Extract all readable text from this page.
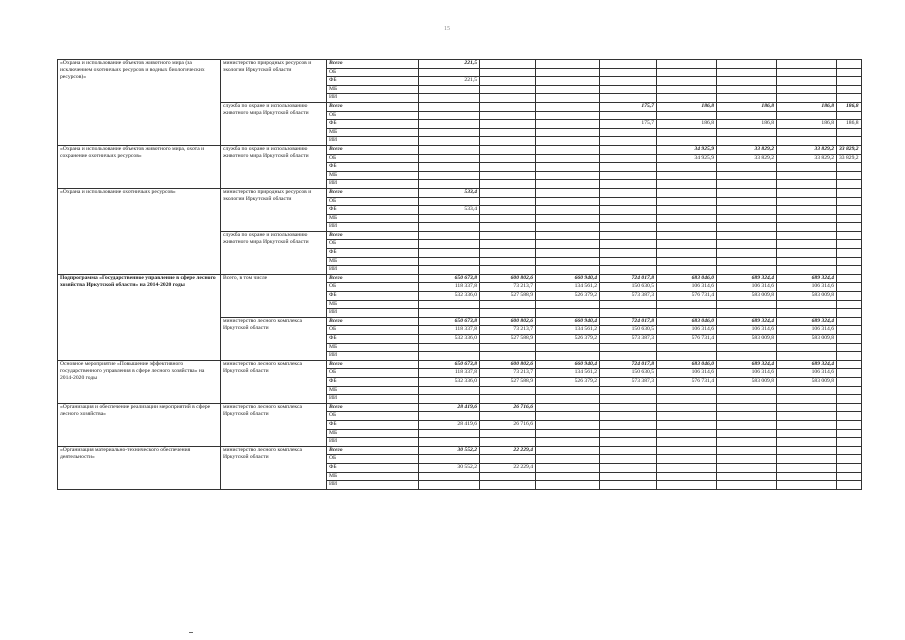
15
«Охрана и использование объектов животного мира (за исключением охотничьих ресурсов и водных биологических ресурсов)»	министерство природных ресурсов и экологии Иркутской области	Всего	221,5							
		ОБ								
		ФБ	221,5							
		МБ								
		ИИ								
	служба по охране и использованию животного мира Иркутской области	Всего				175,7	186,8	186,8	186,8	186,8
		ОБ								
		ФБ				175,7	186,8	186,8	186,8	186,8
		МБ								
		ИИ								
«Охрана и использование объектов животного мира, охота и сохранение охотничьих ресурсов»	служба по охране и использованию животного мира Иркутской области	Всего					34 925,9	33 829,2	33 829,2	33 829,2
		ОБ					34 925,9	33 829,2	33 829,2	33 829,2
		ФБ								
		МБ								
		ИИ								
«Охрана и использование охотничьих ресурсов»	министерство природных ресурсов и экологии Иркутской области	Всего	533,4							
		ОБ								
		ФБ	533,4							
		МБ								
		ИИ								
	служба по охране и использованию животного мира Иркутской области	Всего								
		ОБ								
		ФБ								
		МБ								
		ИИ								
Подпрограмма «Государственное управление в сфере лесного хозяйства Иркутской области» на 2014-2020 годы	Всего, в том числе	Всего	650 673,8	600 802,6	660 940,4	724 017,8	683 046,0	689 324,4	689 324,4	
		ОБ	118 337,8	73 213,7	134 561,2	150 630,5	106 314,6	106 314,6	106 314,6	
		ФБ	532 336,0	527 588,9	526 379,2	573 387,3	576 731,4	583 009,8	583 009,8	
		МБ								
		ИИ								
	министерство лесного комплекса Иркутской области	Всего	650 673,8	600 802,6	660 940,4	724 017,8	683 046,0	689 324,4	689 324,4	
		ОБ	118 337,8	73 213,7	134 561,2	150 630,5	106 314,6	106 314,6	106 314,6	
		ФБ	532 336,0	527 588,9	526 379,2	573 387,3	576 731,4	583 009,8	583 009,8	
		МБ								
		ИИ								
Основное мероприятие «Повышение эффективного государственного управления в сфере лесного хозяйства» на 2014-2020 годы	министерство лесного комплекса Иркутской области	Всего	650 673,8	600 802,6	660 940,4	724 017,8	683 046,0	689 324,4	689 324,4	
		ОБ	118 337,8	73 213,7	134 561,2	150 630,5	106 314,6	106 314,6	106 314,6	
		ФБ	532 336,0	527 588,9	526 379,2	573 387,3	576 731,4	583 009,8	583 009,8	
		МБ								
		ИИ								
«Организация и обеспечение реализации мероприятий в сфере лесного хозяйства»	министерство лесного комплекса Иркутской области	Всего	28 419,6	26 716,6						
		ОБ								
		ФБ	28 419,6	26 716,6						
		МБ								
		ИИ								
«Организация материально-технического обеспечения деятельности»	министерство лесного комплекса Иркутской области	Всего	30 552,2	22 229,4						
		ОБ								
		ФБ	30 552,2	22 229,4						
		МБ								
		ИИ								
